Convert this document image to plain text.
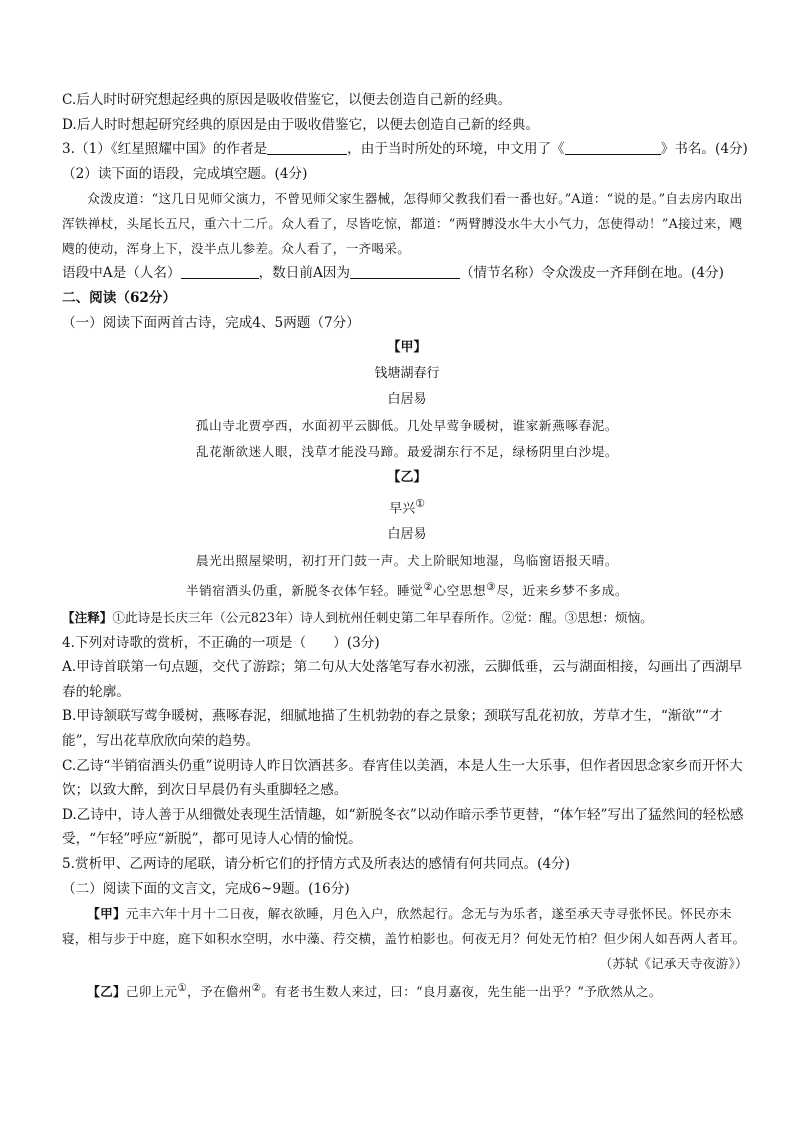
C.后人时时研究想起经典的原因是吸收借鉴它，以便去创造自己新的经典。
D.后人时时想起研究经典的原因是由于吸收借鉴它，以便去创造自己新的经典。
3.（1）《红星照耀中国》的作者是	，由于当时所处的环境，中文用了《	》书名。(4分)
（2）读下面的语段，完成填空题。(4分)
众泼皮道：“这几日见师父演力，不曾见师父家生器械，怎得师父教我们看一番也好。”A道：“说的是。”自去房内取出浑铁禅杖，头尾长五尺，重六十二斤。众人看了，尽皆吃惊，都道：“两臂膊没水牛大小气力，怎使得动！”A接过来，飕飕的使动，浑身上下，没半点儿参差。众人看了，一齐喝采。
语段中A是（人名）	，数日前A因为	（情节名称）令众泼皮一齐拜倒在地。(4分)
二、阅读（62分）
（一）阅读下面两首古诗，完成4、5两题（7分）
【甲】
钱塘湖春行
白居易
孤山寺北贾亭西，水面初平云脚低。几处早莺争暖树，谁家新燕啄春泥。
乱花渐欲迷人眼，浅草才能没马蹄。最爱湖东行不足，绿杨阴里白沙堤。
【乙】
早兴①
白居易
晨光出照屋梁明，初打开门鼓一声。犬上阶眠知地湿，鸟临窗语报天晴。
半销宿酒头仍重，新脱冬衣体乍轻。睡觉②心空思想③尽，近来乡梦不多成。
【注释】①此诗是长庆三年（公元823年）诗人到杭州任刺史第二年早春所作。②觉：醒。③思想：烦恼。
4.下列对诗歌的赏析，不正确的一项是（　　）(3分)
A.甲诗首联第一句点题，交代了游踪；第二句从大处落笔写春水初涨，云脚低垂，云与湖面相接，勾画出了西湖早春的轮廓。
B.甲诗颔联写莺争暖树，燕啄春泥，细腻地描了生机勃勃的春之景象；颈联写乱花初放，芳草才生，“渐欲”“才能”，写出花草欣欣向荣的趋势。
C.乙诗“半销宿酒头仍重”说明诗人昨日饮酒甚多。春宵佳以美酒，本是人生一大乐事，但作者因思念家乡而开怀大饮；以致大醉，到次日早晨仍有头重脚轻之感。
D.乙诗中，诗人善于从细微处表现生活情趣，如“新脱冬衣”以动作暗示季节更替，“体乍轻”写出了猛然间的轻松感受，“乍轻”呼应“新脱”，都可见诗人心情的愉悦。
5.赏析甲、乙两诗的尾联，请分析它们的抒情方式及所表达的感情有何共同点。(4分)
（二）阅读下面的文言文，完成6~9题。(16分)
【甲】元丰六年十月十二日夜，解衣欲睡，月色入户，欣然起行。念无与为乐者，遂至承天寺寻张怀民。怀民亦未寝，相与步于中庭，庭下如积水空明，水中藻、荇交横，盖竹柏影也。何夜无月？何处无竹柏？但少闲人如吾两人者耳。
（苏轼《记承天寺夜游》）
【乙】己卯上元①，予在儋州②。有老书生数人来过，曰：“良月嘉夜，先生能一出乎？”予欣然从之。
